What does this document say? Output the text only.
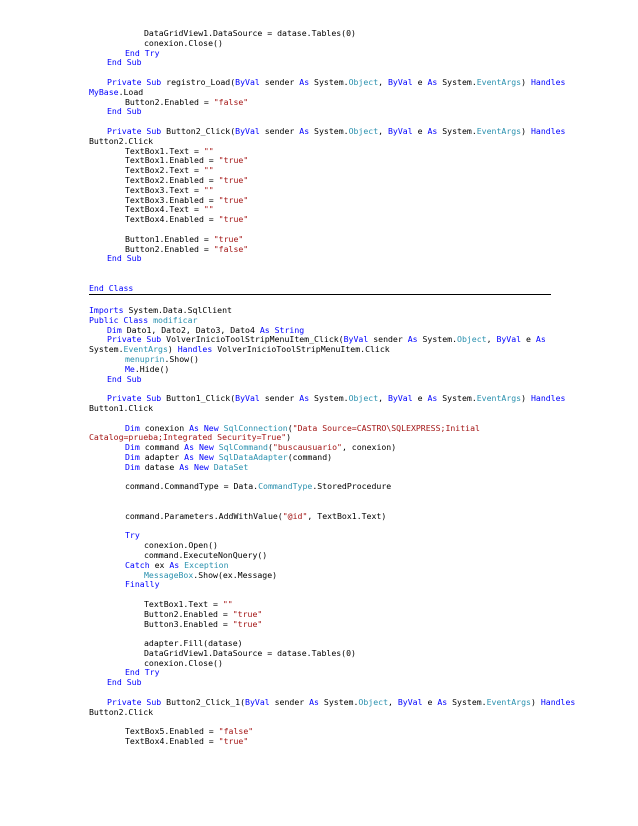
DataGridView1.DataSource = datase.Tables(0)
conexion.Close()
End Try
End Sub

Private Sub registro_Load(ByVal sender As System.Object, ByVal e As System.EventArgs) Handles
MyBase.Load
Button2.Enabled = "false"
End Sub

Private Sub Button2_Click(ByVal sender As System.Object, ByVal e As System.EventArgs) Handles
Button2.Click
TextBox1.Text = ""
TextBox1.Enabled = "true"
TextBox2.Text = ""
TextBox2.Enabled = "true"
TextBox3.Text = ""
TextBox3.Enabled = "true"
TextBox4.Text = ""
TextBox4.Enabled = "true"

Button1.Enabled = "true"
Button2.Enabled = "false"
End Sub

End Class
Imports System.Data.SqlClient
Public Class modificar
Dim Dato1, Dato2, Dato3, Dato4 As String
Private Sub VolverInicioToolStripMenuItem_Click(ByVal sender As System.Object, ByVal e As
System.EventArgs) Handles VolverInicioToolStripMenuItem.Click
menuprin.Show()
Me.Hide()
End Sub

Private Sub Button1_Click(ByVal sender As System.Object, ByVal e As System.EventArgs) Handles
Button1.Click

Dim conexion As New SqlConnection("Data Source=CASTRO\SQLEXPRESS;Initial
Catalog=prueba;Integrated Security=True")
Dim command As New SqlCommand("buscausuario", conexion)
Dim adapter As New SqlDataAdapter(command)
Dim datase As New DataSet

command.CommandType = Data.CommandType.StoredProcedure

command.Parameters.AddWithValue("@id", TextBox1.Text)

Try
conexion.Open()
command.ExecuteNonQuery()
Catch ex As Exception
MessageBox.Show(ex.Message)
Finally

TextBox1.Text = ""
Button2.Enabled = "true"
Button3.Enabled = "true"

adapter.Fill(datase)
DataGridView1.DataSource = datase.Tables(0)
conexion.Close()
End Try
End Sub

Private Sub Button2_Click_1(ByVal sender As System.Object, ByVal e As System.EventArgs) Handles
Button2.Click

TextBox5.Enabled = "false"
TextBox4.Enabled = "true"
